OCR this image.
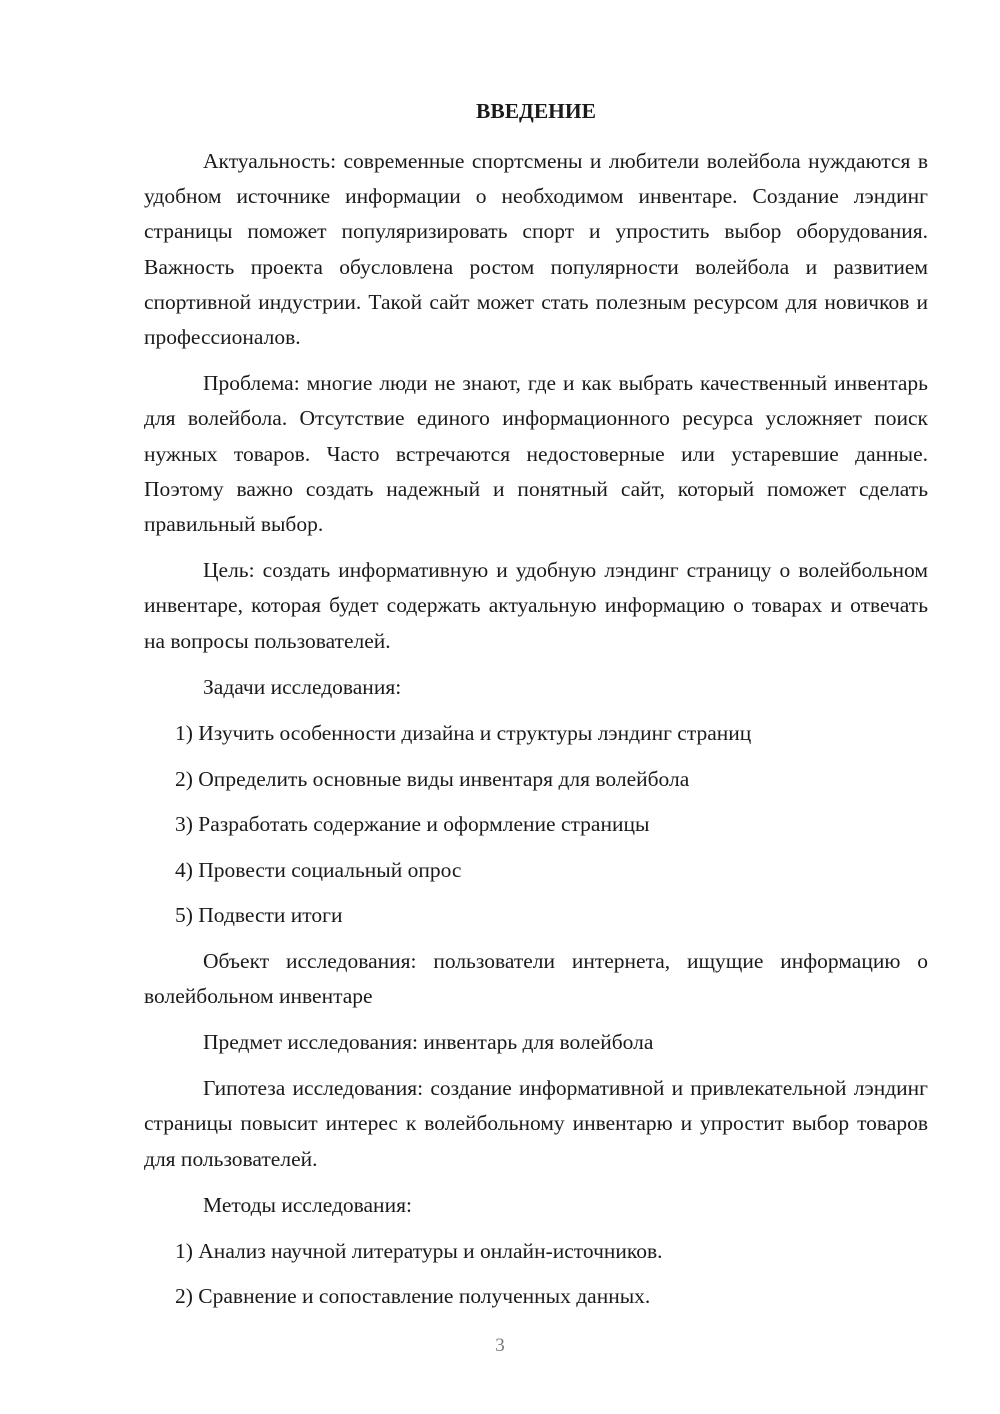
ВВЕДЕНИЕ

Актуальность: современные спортсмены и любители волейбола нуждаются в удобном источнике информации о необходимом инвентаре. Создание лэндинг страницы поможет популяризировать спорт и упростить выбор оборудования. Важность проекта обусловлена ростом популярности волейбола и развитием спортивной индустрии. Такой сайт может стать полезным ресурсом для новичков и профессионалов.

Проблема: многие люди не знают, где и как выбрать качественный инвентарь для волейбола. Отсутствие единого информационного ресурса усложняет поиск нужных товаров. Часто встречаются недостоверные или устаревшие данные. Поэтому важно создать надежный и понятный сайт, который поможет сделать правильный выбор.

Цель: создать информативную и удобную лэндинг страницу о волейбольном инвентаре, которая будет содержать актуальную информацию о товарах и отвечать на вопросы пользователей.

Задачи исследования:

1) Изучить особенности дизайна и структуры лэндинг страниц
2) Определить основные виды инвентаря для волейбола
3) Разработать содержание и оформление страницы
4) Провести социальный опрос
5) Подвести итоги

Объект исследования: пользователи интернета, ищущие информацию о волейбольном инвентаре

Предмет исследования: инвентарь для волейбола

Гипотеза исследования: создание информативной и привлекательной лэндинг страницы повысит интерес к волейбольному инвентарю и упростит выбор товаров для пользователей.

Методы исследования:

1) Анализ научной литературы и онлайн-источников.
2) Сравнение и сопоставление полученных данных.
3
